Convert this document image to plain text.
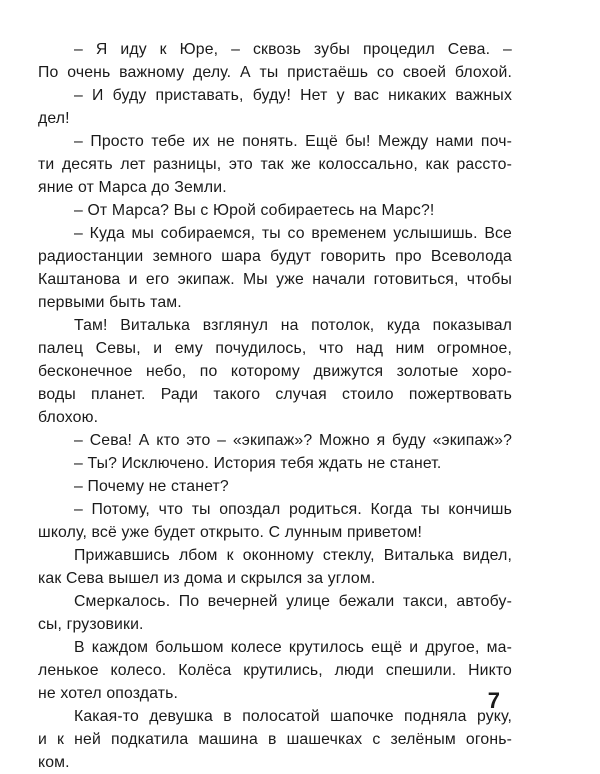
– Я иду к Юре, – сквозь зубы процедил Сева. –
По очень важному делу. А ты пристаёшь со своей блохой.
– И буду приставать, буду! Нет у вас никаких важных
дел!
– Просто тебе их не понять. Ещё бы! Между нами поч-
ти десять лет разницы, это так же колоссально, как рассто-
яние от Марса до Земли.
– От Марса? Вы с Юрой собираетесь на Марс?!
– Куда мы собираемся, ты со временем услышишь. Все
радиостанции земного шара будут говорить про Всеволода
Каштанова и его экипаж. Мы уже начали готовиться, чтобы
первыми быть там.
Там! Виталька взглянул на потолок, куда показывал
палец Севы, и ему почудилось, что над ним огромное,
бесконечное небо, по которому движутся золотые хоро-
воды планет. Ради такого случая стоило пожертвовать
блохою.
– Сева! А кто это – «экипаж»? Можно я буду «экипаж»?
– Ты? Исключено. История тебя ждать не станет.
– Почему не станет?
– Потому, что ты опоздал родиться. Когда ты кончишь
школу, всё уже будет открыто. С лунным приветом!
Прижавшись лбом к оконному стеклу, Виталька видел,
как Сева вышел из дома и скрылся за углом.
Смеркалось. По вечерней улице бежали такси, автобу-
сы, грузовики.
В каждом большом колесе крутилось ещё и другое, ма-
ленькое колесо. Колёса крутились, люди спешили. Никто
не хотел опоздать.
Какая-то девушка в полосатой шапочке подняла руку,
и к ней подкатила машина в шашечках с зелёным огонь-
ком.
7
